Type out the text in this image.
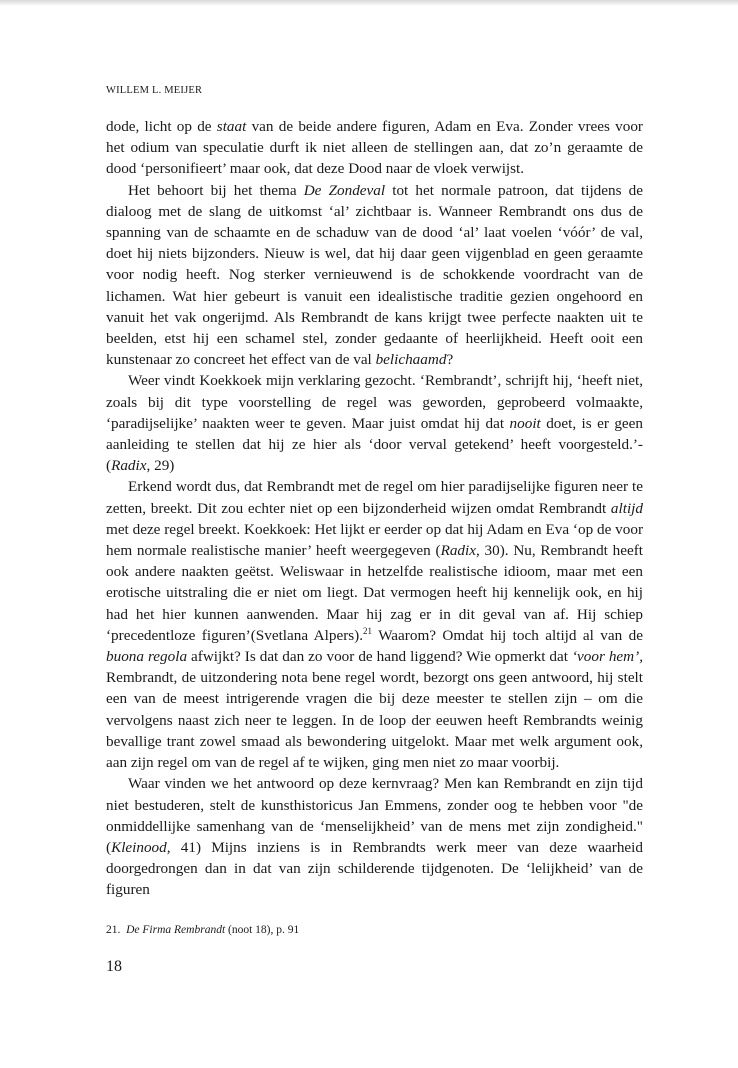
WILLEM L. MEIJER

dode, licht op de staat van de beide andere figuren, Adam en Eva. Zonder vrees voor het odium van speculatie durft ik niet alleen de stellingen aan, dat zo’n geraamte de dood ‘personifieert’ maar ook, dat deze Dood naar de vloek verwijst.

Het behoort bij het thema De Zondeval tot het normale patroon, dat tijdens de dialoog met de slang de uitkomst ‘al’ zichtbaar is. Wanneer Rembrandt ons dus de spanning van de schaamte en de schaduw van de dood ‘al’ laat voelen ‘vóór’ de val, doet hij niets bijzonders. Nieuw is wel, dat hij daar geen vijgenblad en geen geraamte voor nodig heeft. Nog sterker vernieuwend is de schokkende voordracht van de lichamen. Wat hier gebeurt is vanuit een idealistische traditie gezien ongehoord en vanuit het vak ongerijmd. Als Rembrandt de kans krijgt twee perfecte naakten uit te beelden, etst hij een schamel stel, zonder gedaante of heerlijkheid. Heeft ooit een kunstenaar zo concreet het effect van de val belichaamd?

Weer vindt Koekkoek mijn verklaring gezocht. ‘Rembrandt’, schrijft hij, ‘heeft niet, zoals bij dit type voorstelling de regel was geworden, geprobeerd volmaakte, ‘paradijselijke’ naakten weer te geven. Maar juist omdat hij dat nooit doet, is er geen aanleiding te stellen dat hij ze hier als ‘door verval getekend’ heeft voorgesteld.’- (Radix, 29)

Erkend wordt dus, dat Rembrandt met de regel om hier paradijselijke figuren neer te zetten, breekt. Dit zou echter niet op een bijzonderheid wijzen omdat Rembrandt altijd met deze regel breekt. Koekkoek: Het lijkt er eerder op dat hij Adam en Eva ‘op de voor hem normale realistische manier’ heeft weergegeven (Radix, 30). Nu, Rembrandt heeft ook andere naakten geëtst. Weliswaar in hetzelfde realistische idioom, maar met een erotische uitstraling die er niet om liegt. Dat vermogen heeft hij kennelijk ook, en hij had het hier kunnen aanwenden. Maar hij zag er in dit geval van af. Hij schiep ‘precedentloze figuren’(Svetlana Alpers).$^{21}$ Waarom? Omdat hij toch altijd al van de buona regola afwijkt? Is dat dan zo voor de hand liggend? Wie opmerkt dat ‘voor hem’, Rembrandt, de uitzondering nota bene regel wordt, bezorgt ons geen antwoord, hij stelt een van de meest intrigerende vragen die bij deze meester te stellen zijn – om die vervolgens naast zich neer te leggen. In de loop der eeuwen heeft Rembrandts weinig bevallige trant zowel smaad als bewondering uitgelokt. Maar met welk argument ook, aan zijn regel om van de regel af te wijken, ging men niet zo maar voorbij.

Waar vinden we het antwoord op deze kernvraag? Men kan Rembrandt en zijn tijd niet bestuderen, stelt de kunsthistoricus Jan Emmens, zonder oog te hebben voor "de onmiddellijke samenhang van de ‘menselijkheid’ van de mens met zijn zondigheid." (Kleinood, 41) Mijns inziens is in Rembrandts werk meer van deze waarheid doorgedrongen dan in dat van zijn schilderende tijdgenoten. De ‘lelijkheid’ van de figuren

21. De Firma Rembrandt (noot 18), p. 91
18
